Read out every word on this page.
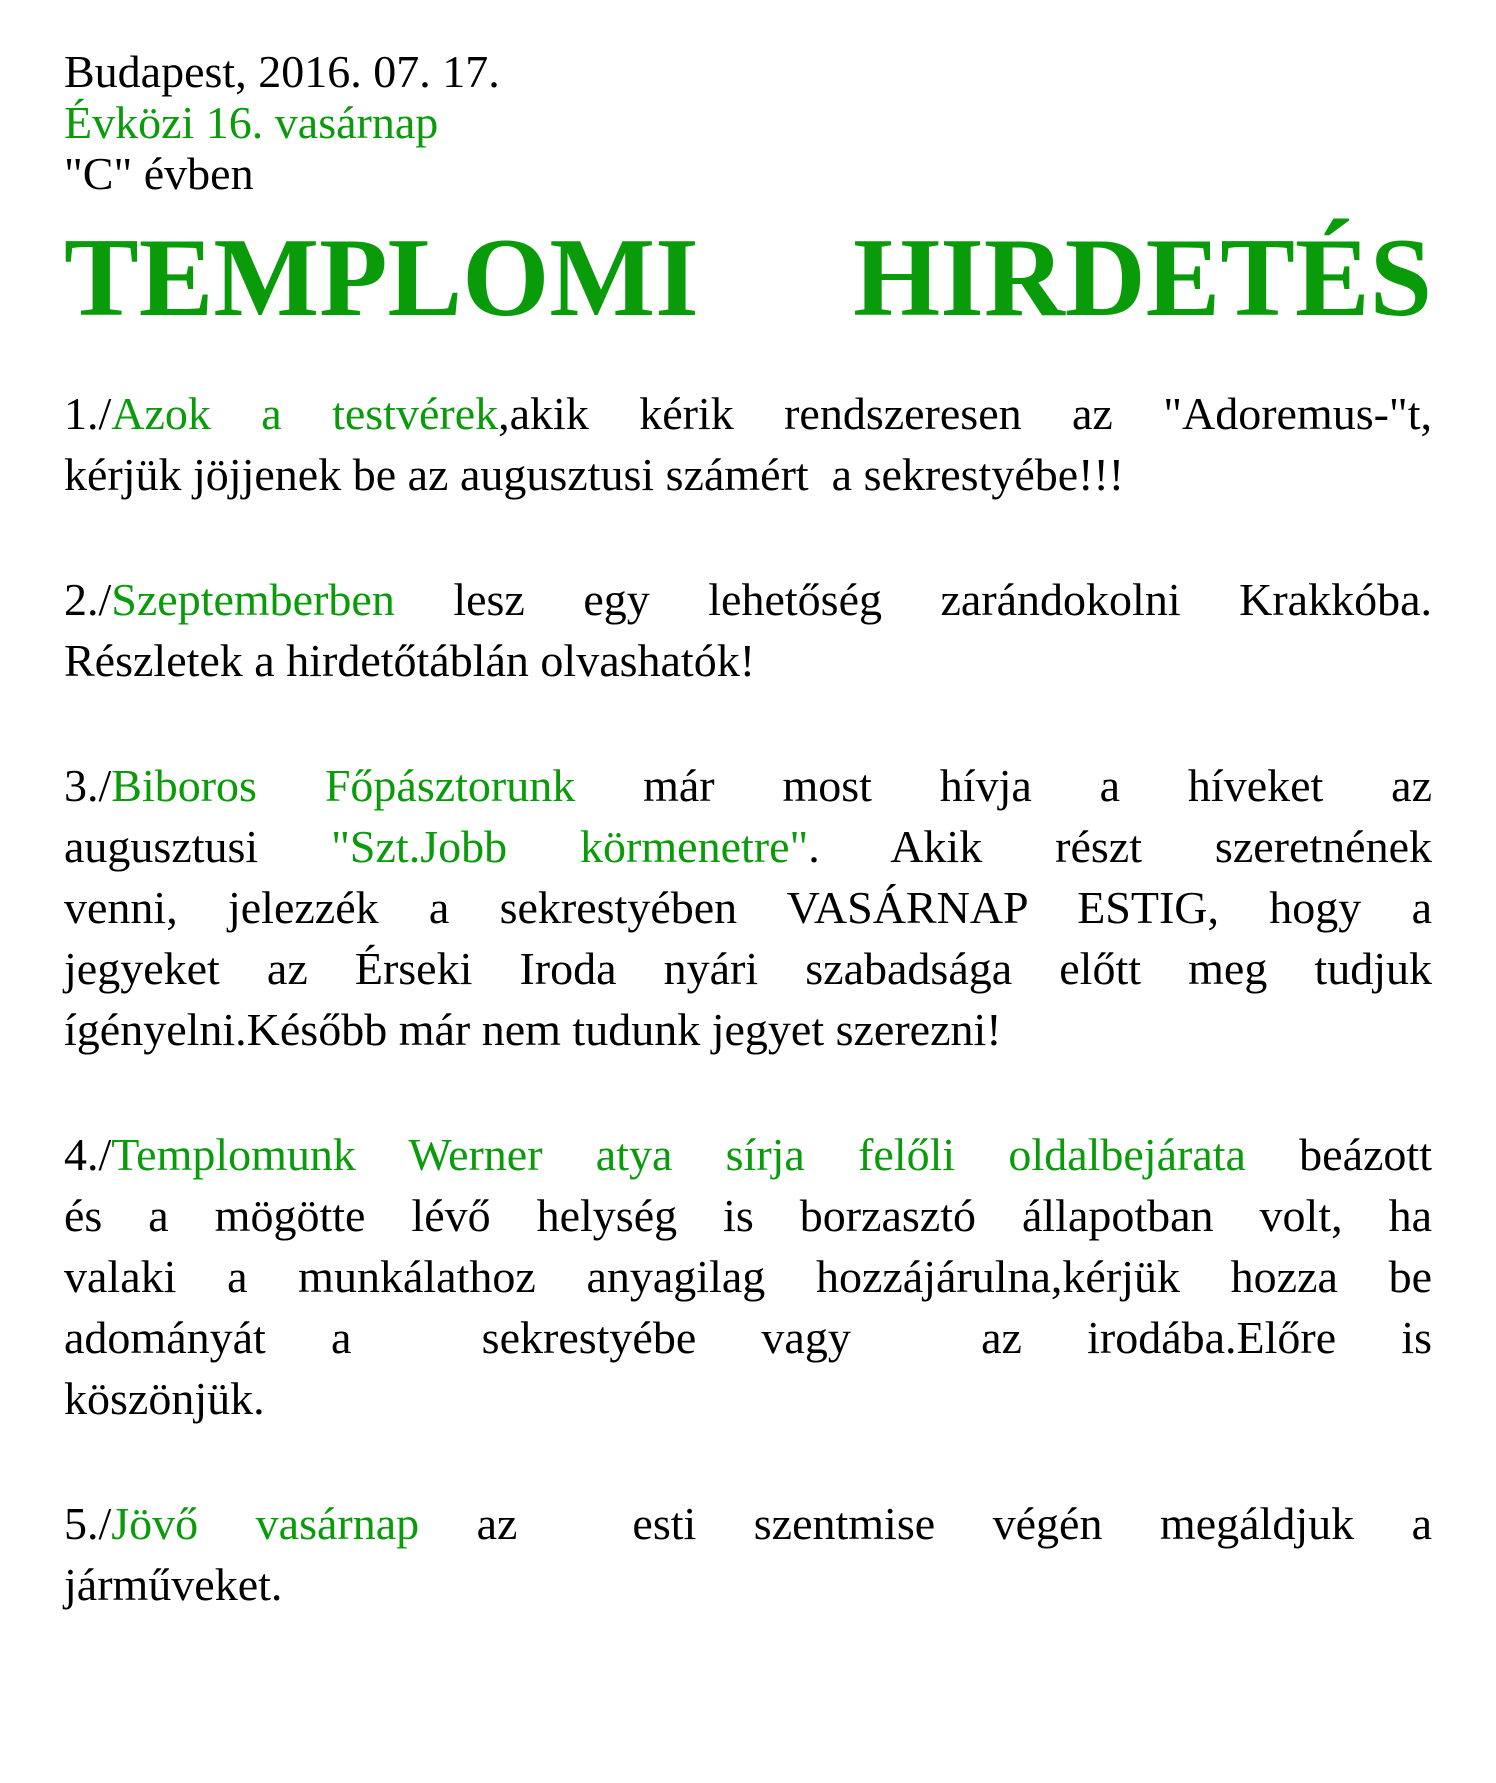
Budapest, 2016. 07. 17.
Évközi 16. vasárnap
"C" évben
TEMPLOMI HIRDETÉS
1./Azok a testvérek,akik kérik rendszeresen az "Adoremus-"t,
kérjük jöjjenek be az augusztusi számért  a sekrestyébe!!!
2./Szeptemberben lesz egy lehetőség zarándokolni Krakkóba.
Részletek a hirdetőtáblán olvashatók!
3./Biboros Főpásztorunk már most hívja a híveket az
augusztusi "Szt.Jobb körmenetre". Akik részt szeretnének
venni, jelezzék a sekrestyében VASÁRNAP ESTIG, hogy a
jegyeket az Érseki Iroda nyári szabadsága előtt meg tudjuk
ígényelni.Később már nem tudunk jegyet szerezni!
4./Templomunk Werner atya sírja felőli oldalbejárata beázott
és a mögötte lévő helység is borzasztó állapotban volt, ha
valaki a munkálathoz anyagilag hozzájárulna,kérjük hozza be
adományát a  sekrestyébe vagy  az irodába.Előre is
köszönjük.
5./Jövő vasárnap az  esti szentmise végén megáldjuk a
járműveket.
